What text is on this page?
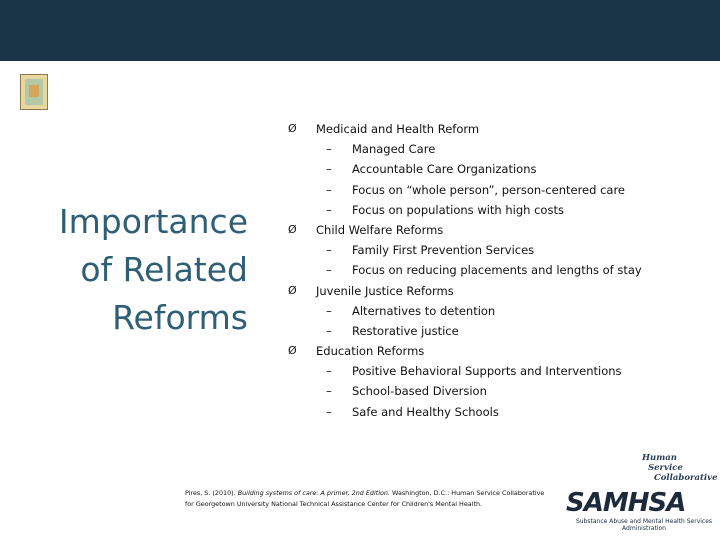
Importance
of Related
Reforms
Ø Medicaid and Health Reform
– Managed Care
– Accountable Care Organizations
– Focus on “whole person”, person-centered care
– Focus on populations with high costs
Ø Child Welfare Reforms
– Family First Prevention Services
– Focus on reducing placements and lengths of stay
Ø Juvenile Justice Reforms
– Alternatives to detention
– Restorative justice
Ø Education Reforms
– Positive Behavioral Supports and Interventions
– School-based Diversion
– Safe and Healthy Schools
Pires, S. (2010). Building systems of care: A primer, 2nd Edition. Washington, D.C.: Human Service Collaborative
for Georgetown University National Technical Assistance Center for Children's Mental Health.
Human
Service
Collaborative
SAMHSA
Substance Abuse and Mental Health Services Administration
